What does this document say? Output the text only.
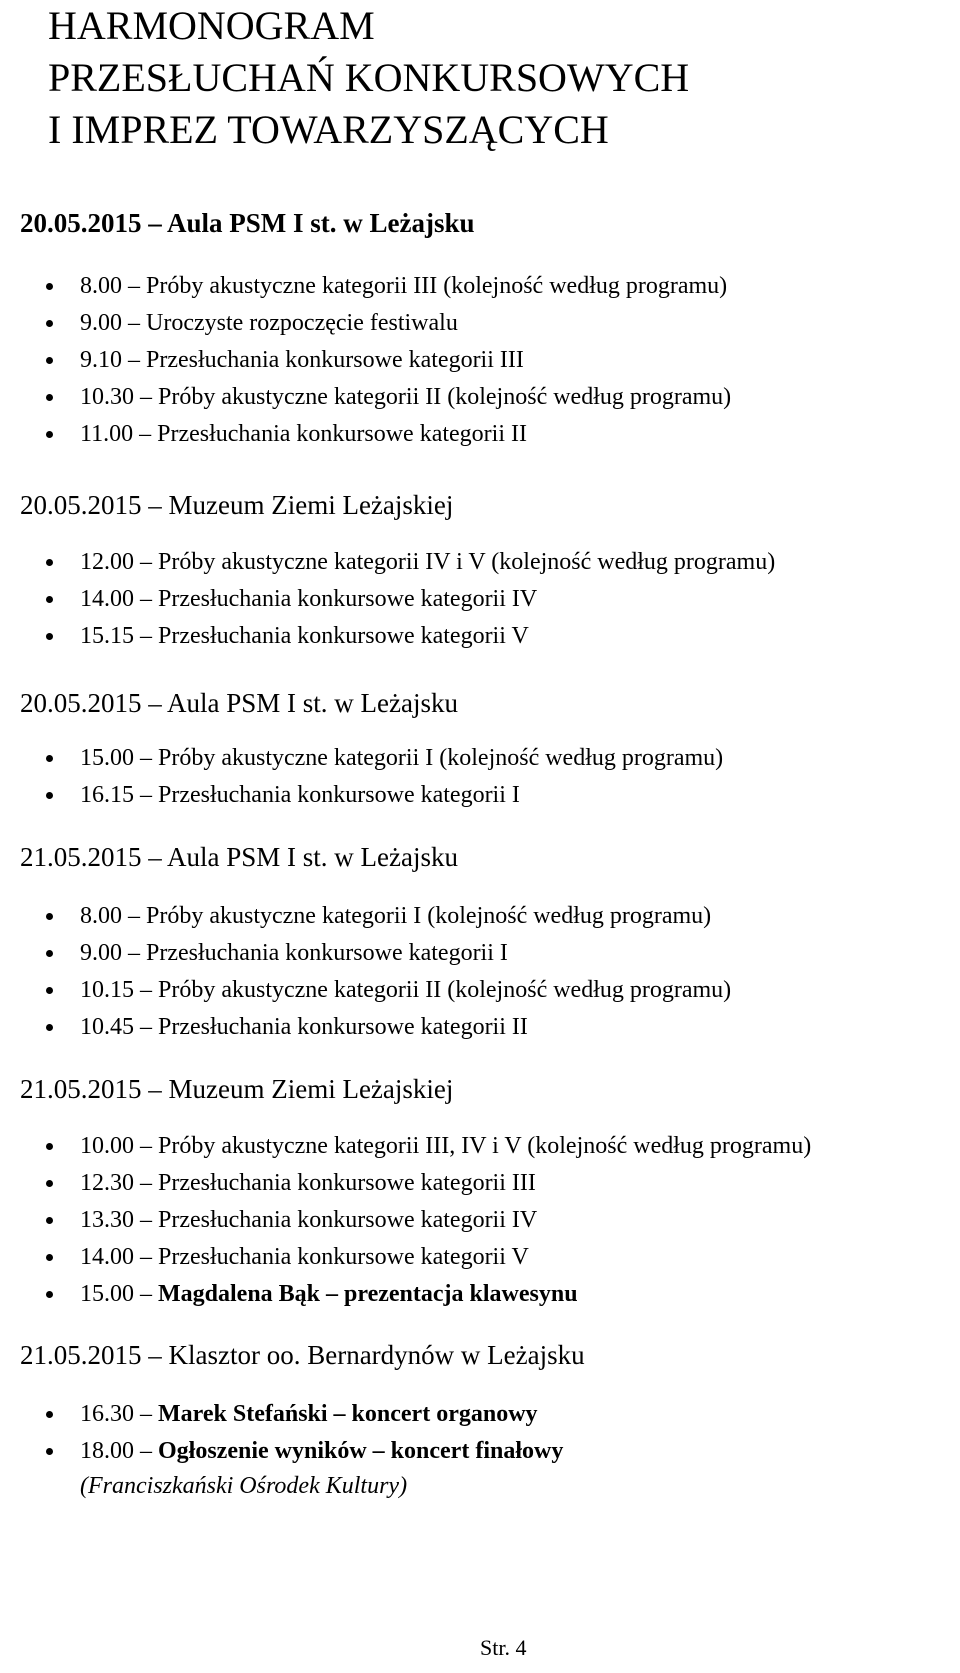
HARMONOGRAM
PRZESŁUCHAŃ KONKURSOWYCH
I IMPREZ TOWARZYSZĄCYCH
20.05.2015 – Aula PSM I st. w Leżajsku
8.00 – Próby akustyczne kategorii III (kolejność według programu)
9.00 – Uroczyste rozpoczęcie festiwalu
9.10 – Przesłuchania konkursowe kategorii III
10.30 – Próby akustyczne kategorii II (kolejność według programu)
11.00 – Przesłuchania konkursowe kategorii II
20.05.2015 – Muzeum Ziemi Leżajskiej
12.00 – Próby akustyczne kategorii IV i V (kolejność według programu)
14.00 – Przesłuchania konkursowe kategorii IV
15.15 – Przesłuchania konkursowe kategorii V
20.05.2015 – Aula PSM I st. w Leżajsku
15.00 – Próby akustyczne kategorii I (kolejność według programu)
16.15 – Przesłuchania konkursowe kategorii I
21.05.2015 – Aula PSM I st. w Leżajsku
8.00 – Próby akustyczne kategorii I (kolejność według programu)
9.00 – Przesłuchania konkursowe kategorii I
10.15 – Próby akustyczne kategorii II (kolejność według programu)
10.45 – Przesłuchania konkursowe kategorii II
21.05.2015 – Muzeum Ziemi Leżajskiej
10.00 – Próby akustyczne kategorii III, IV i V (kolejność według programu)
12.30 – Przesłuchania konkursowe kategorii III
13.30 – Przesłuchania konkursowe kategorii IV
14.00 – Przesłuchania konkursowe kategorii V
15.00 – Magdalena Bąk – prezentacja klawesynu
21.05.2015 – Klasztor oo. Bernardynów w Leżajsku
16.30 – Marek Stefański – koncert organowy
18.00 – Ogłoszenie wyników – koncert finałowy
(Franciszkański Ośrodek Kultury)
Str. 4
